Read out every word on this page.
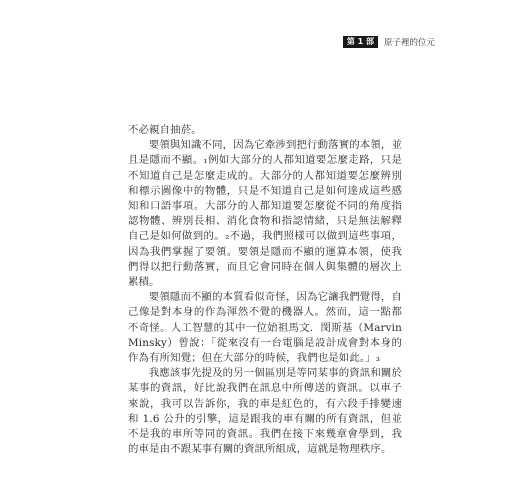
第 1 部	原子裡的位元

不必親自抽菸。

要領與知識不同，因為它牽涉到把行動落實的本領，並且是隱而不顯。₁例如大部分的人都知道要怎麼走路，只是不知道自己是怎麼走成的。大部分的人都知道要怎麼辨別和標示圖像中的物體，只是不知道自己是如何達成這些感知和口語事項。大部分的人都知道要怎麼從不同的角度指認物體、辨別長相、消化食物和指認情緒，只是無法解釋自己是如何做到的。₂不過，我們照樣可以做到這些事項，因為我們掌握了要領。要領是隱而不顯的運算本領，使我們得以把行動落實，而且它會同時在個人與集體的層次上累積。

要領隱而不顯的本質看似奇怪，因為它讓我們覺得，自己像是對本身的作為渾然不覺的機器人。然而，這一點都不奇怪。人工智慧的其中一位始祖馬文．閔斯基（Marvin Minsky）曾說：「從來沒有一台電腦是設計成會對本身的作為有所知覺；但在大部分的時候，我們也是如此。」₃

我應該事先提及的另一個區別是等同某事的資訊和關於某事的資訊，好比說我們在訊息中所傳送的資訊。以車子來說，我可以告訴你，我的車是紅色的，有六段手排變速和 1.6 公升的引擎，這是跟我的車有關的所有資訊，但並不是我的車所等同的資訊。我們在接下來幾章會學到，我的車是由不跟某事有關的資訊所組成，這就是物理秩序。
